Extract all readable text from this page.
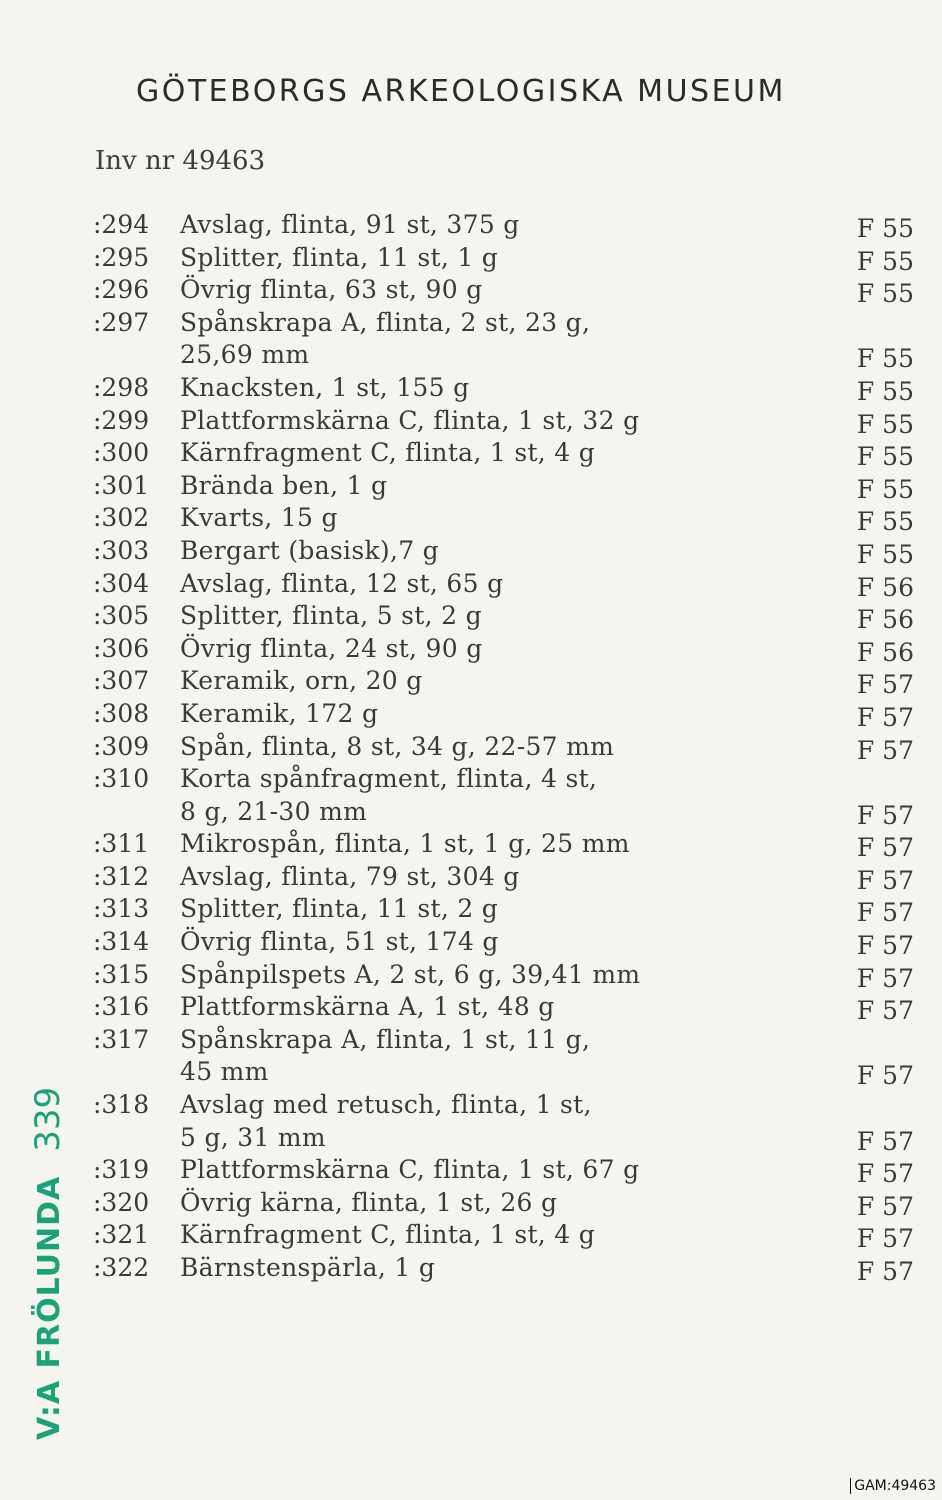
GÖTEBORGS ARKEOLOGISKA MUSEUM
Inv nr 49463
:294 Avslag, flinta, 91 st, 375 g	F 55
:295 Splitter, flinta, 11 st, 1 g	F 55
:296 Övrig flinta, 63 st, 90 g	F 55
:297 Spånskrapa A, flinta, 2 st, 23 g,
25,69 mm	F 55
:298 Knacksten, 1 st, 155 g	F 55
:299 Plattformskärna C, flinta, 1 st, 32 g	F 55
:300 Kärnfragment C, flinta, 1 st, 4 g	F 55
:301 Brända ben, 1 g	F 55
:302 Kvarts, 15 g	F 55
:303 Bergart (basisk),7 g	F 55
:304 Avslag, flinta, 12 st, 65 g	F 56
:305 Splitter, flinta, 5 st, 2 g	F 56
:306 Övrig flinta, 24 st, 90 g	F 56
:307 Keramik, orn, 20 g	F 57
:308 Keramik, 172 g	F 57
:309 Spån, flinta, 8 st, 34 g, 22-57 mm	F 57
:310 Korta spånfragment, flinta, 4 st,
8 g, 21-30 mm	F 57
:311 Mikrospån, flinta, 1 st, 1 g, 25 mm	F 57
:312 Avslag, flinta, 79 st, 304 g	F 57
:313 Splitter, flinta, 11 st, 2 g	F 57
:314 Övrig flinta, 51 st, 174 g	F 57
:315 Spånpilspets A, 2 st, 6 g, 39,41 mm	F 57
:316 Plattformskärna A, 1 st, 48 g	F 57
:317 Spånskrapa A, flinta, 1 st, 11 g,
45 mm	F 57
:318 Avslag med retusch, flinta, 1 st,
5 g, 31 mm	F 57
:319 Plattformskärna C, flinta, 1 st, 67 g	F 57
:320 Övrig kärna, flinta, 1 st, 26 g	F 57
:321 Kärnfragment C, flinta, 1 st, 4 g	F 57
:322 Bärnstenspärla, 1 g	F 57
V:A FRÖLUNDA339
GAM:49463
